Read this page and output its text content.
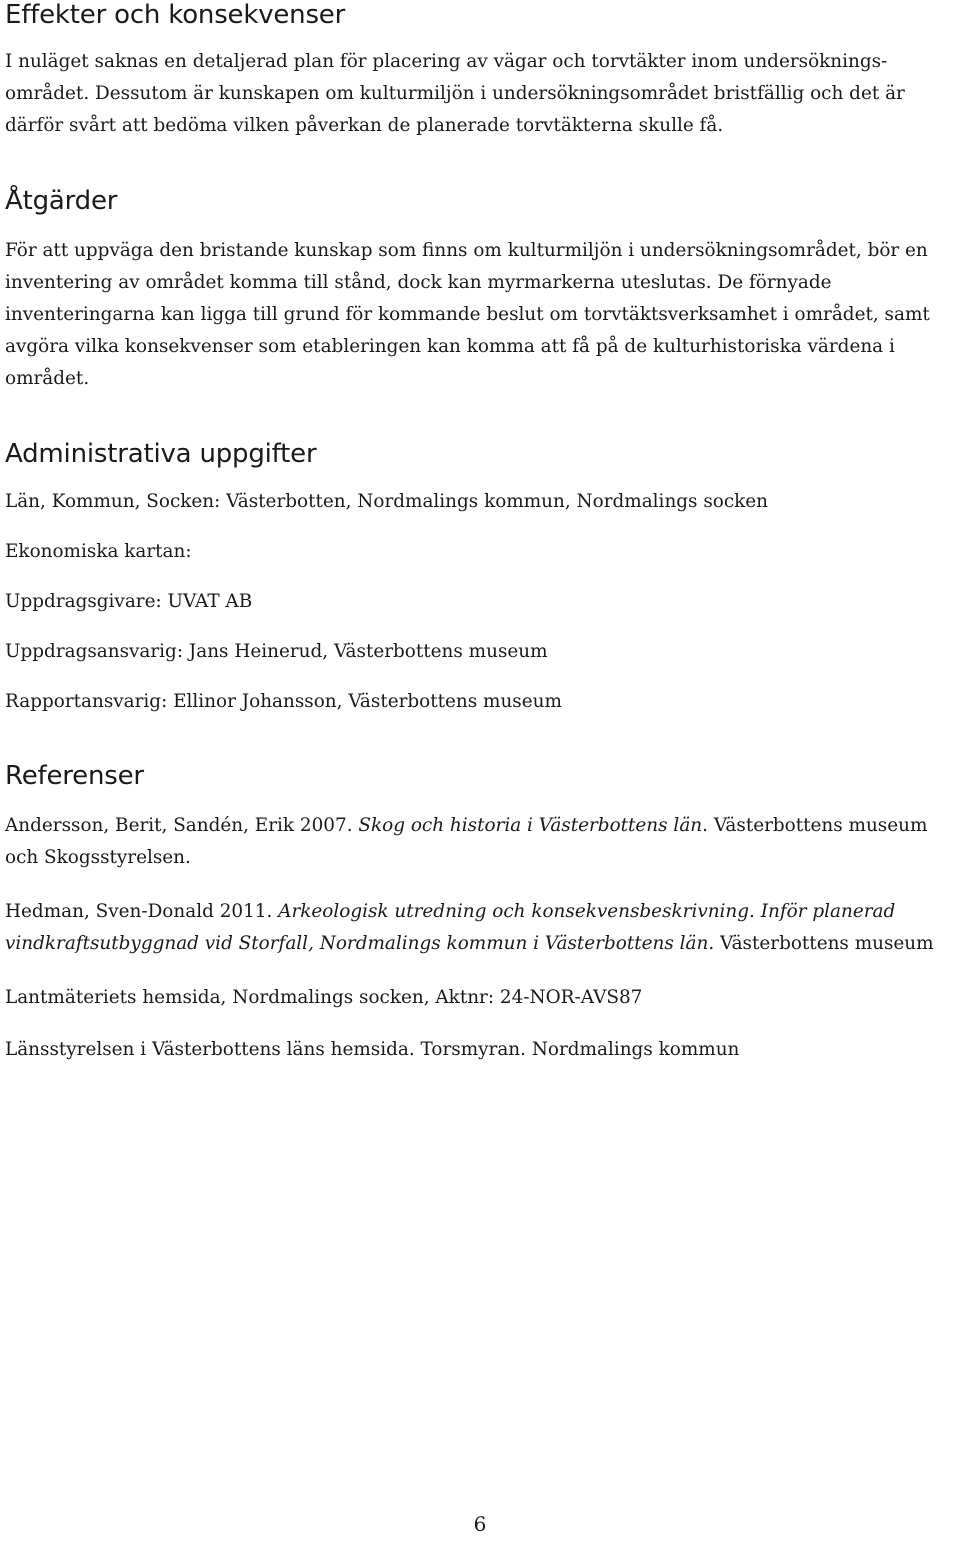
Effekter och konsekvenser

I nuläget saknas en detaljerad plan för placering av vägar och torvtäkter inom undersökningsområdet. Dessutom är kunskapen om kulturmiljön i undersökningsområdet bristfällig och det är därför svårt att bedöma vilken påverkan de planerade torvtäkterna skulle få.

Åtgärder

För att uppväga den bristande kunskap som finns om kulturmiljön i undersökningsområdet, bör en inventering av området komma till stånd, dock kan myrmarkerna uteslutas. De förnyade inventeringarna kan ligga till grund för kommande beslut om torvtäktsverksamhet i området, samt avgöra vilka konsekvenser som etableringen kan komma att få på de kulturhistoriska värdena i området.

Administrativa uppgifter

Län, Kommun, Socken: Västerbotten, Nordmalings kommun, Nordmalings socken

Ekonomiska kartan:

Uppdragsgivare: UVAT AB

Uppdragsansvarig: Jans Heinerud, Västerbottens museum

Rapportansvarig: Ellinor Johansson, Västerbottens museum

Referenser

Andersson, Berit, Sandén, Erik 2007. Skog och historia i Västerbottens län. Västerbottens museum och Skogsstyrelsen.

Hedman, Sven-Donald 2011. Arkeologisk utredning och konsekvensbeskrivning. Inför planerad vindkraftsutbyggnad vid Storfall, Nordmalings kommun i Västerbottens län. Västerbottens museum

Lantmäteriets hemsida, Nordmalings socken, Aktnr: 24-NOR-AVS87

Länsstyrelsen i Västerbottens läns hemsida. Torsmyran. Nordmalings kommun

6
